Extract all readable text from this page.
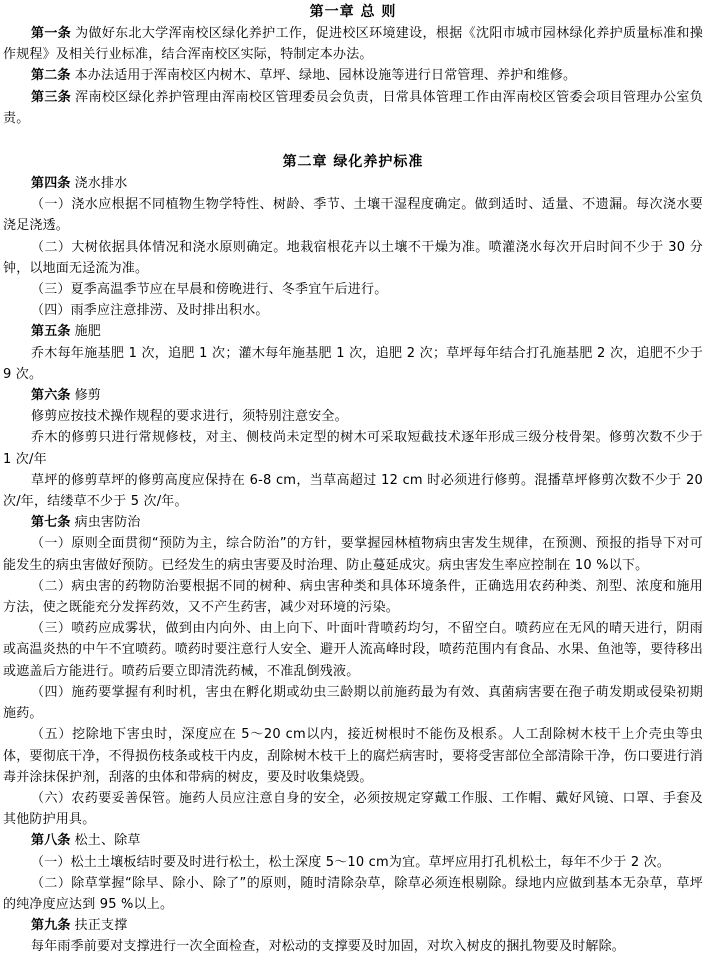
第一章 总 则

第一条 为做好东北大学浑南校区绿化养护工作，促进校区环境建设，根据《沈阳市城市园林绿化养护质量标准和操作规程》及相关行业标准，结合浑南校区实际，特制定本办法。

第二条 本办法适用于浑南校区内树木、草坪、绿地、园林设施等进行日常管理、养护和维修。

第三条 浑南校区绿化养护管理由浑南校区管理委员会负责，日常具体管理工作由浑南校区管委会项目管理办公室负责。

第二章 绿化养护标准

第四条 浇水排水

（一）浇水应根据不同植物生物学特性、树龄、季节、土壤干湿程度确定。做到适时、适量、不遗漏。每次浇水要浇足浇透。

（二）大树依据具体情况和浇水原则确定。地栽宿根花卉以土壤不干燥为准。喷灌浇水每次开启时间不少于 30 分钟，以地面无迳流为准。

（三）夏季高温季节应在早晨和傍晚进行、冬季宜午后进行。

（四）雨季应注意排涝、及时排出积水。

第五条 施肥

乔木每年施基肥 1 次，追肥 1 次；灌木每年施基肥 1 次，追肥 2 次；草坪每年结合打孔施基肥 2 次，追肥不少于 9 次。

第六条 修剪

修剪应按技术操作规程的要求进行，须特别注意安全。

乔木的修剪只进行常规修枝，对主、侧枝尚未定型的树木可采取短截技术逐年形成三级分枝骨架。修剪次数不少于 1 次/年

草坪的修剪草坪的修剪高度应保持在 6-8 cm，当草高超过 12 cm 时必须进行修剪。混播草坪修剪次数不少于 20 次/年，结缕草不少于 5 次/年。

第七条 病虫害防治

（一）原则全面贯彻“预防为主，综合防治”的方针，要掌握园林植物病虫害发生规律，在预测、预报的指导下对可能发生的病虫害做好预防。已经发生的病虫害要及时治理、防止蔓延成灾。病虫害发生率应控制在 10 %以下。

（二）病虫害的药物防治要根据不同的树种、病虫害种类和具体环境条件，正确选用农药种类、剂型、浓度和施用方法，使之既能充分发挥药效，又不产生药害，减少对环境的污染。

（三）喷药应成雾状，做到由内向外、由上向下、叶面叶背喷药均匀，不留空白。喷药应在无风的晴天进行，阴雨或高温炎热的中午不宜喷药。喷药时要注意行人安全、避开人流高峰时段，喷药范围内有食品、水果、鱼池等，要待移出或遮盖后方能进行。喷药后要立即清洗药械，不准乱倒残液。

（四）施药要掌握有利时机，害虫在孵化期或幼虫三龄期以前施药最为有效、真菌病害要在孢子萌发期或侵染初期施药。

（五）挖除地下害虫时，深度应在 5～20 cm以内，接近树根时不能伤及根系。人工刮除树木枝干上介壳虫等虫体，要彻底干净，不得损伤枝条或枝干内皮，刮除树木枝干上的腐烂病害时，要将受害部位全部清除干净，伤口要进行消毒并涂抹保护剂，刮落的虫体和带病的树皮，要及时收集烧毁。

（六）农药要妥善保管。施药人员应注意自身的安全，必须按规定穿戴工作服、工作帽、戴好风镜、口罩、手套及其他防护用具。

第八条 松土、除草

（一）松土土壤板结时要及时进行松土，松土深度 5～10 cm为宜。草坪应用打孔机松土，每年不少于 2 次。

（二）除草掌握“除早、除小、除了”的原则，随时清除杂草，除草必须连根剔除。绿地内应做到基本无杂草，草坪的纯净度应达到 95 %以上。

第九条 扶正支撑

每年雨季前要对支撑进行一次全面检查，对松动的支撑要及时加固，对坎入树皮的捆扎物要及时解除。
